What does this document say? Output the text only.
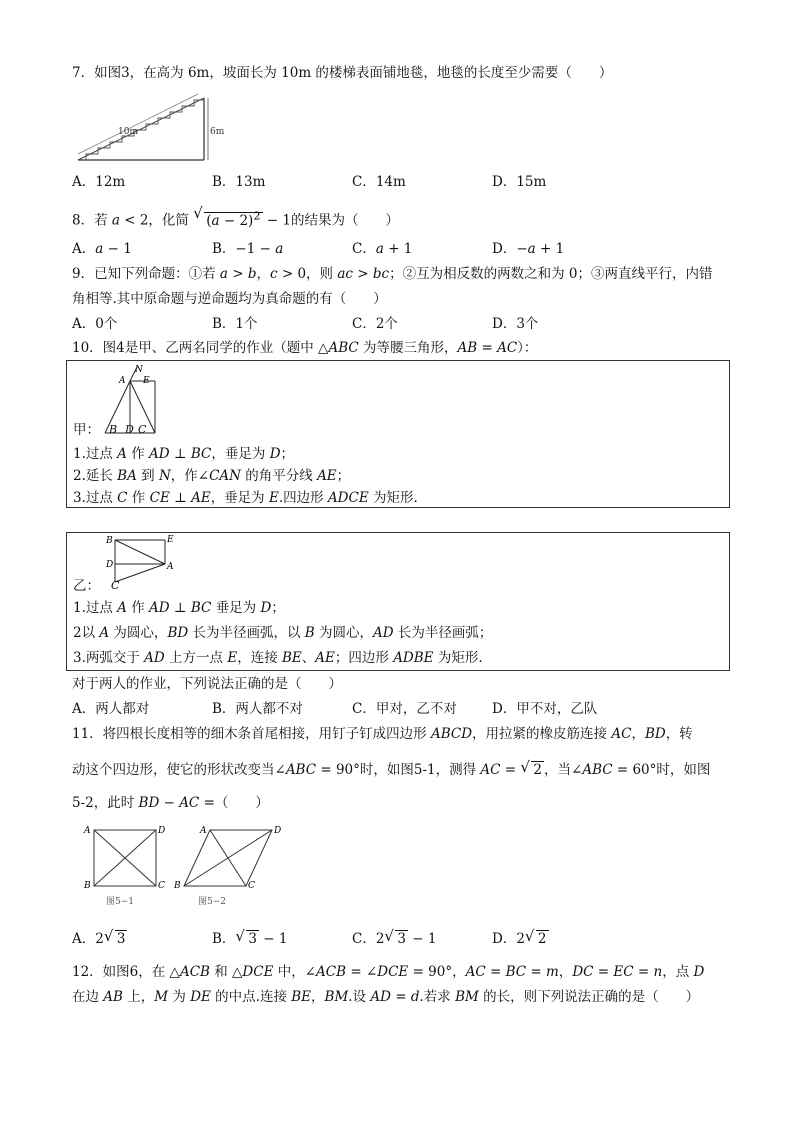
7．如图3，在高为 6m，坡面长为 10m 的楼梯表面铺地毯，地毯的长度至少需要（　　）
10m	6m
A．12m	B．13m	C．14m	D．15m
8．若 a < 2，化简 √ $(a - 2)^2 - 1$的结果为（　　）
A．a − 1	B．−1 − a	C．a + 1	D．−a + 1
9．已知下列命题：①若 a > b，c > 0，则 ac > bc；②互为相反数的两数之和为 0；③两直线平行，内错
角相等.其中原命题与逆命题均为真命题的有（　　）
A．0个	B．1个	C．2个	D．3个
10．图4是甲、乙两名同学的作业（题中 △ABC 为等腰三角形，AB = AC）：
N
A E
甲： B D C
1.过点 A 作 AD ⊥ BC，垂足为 D；
2.延长 BA 到 N，作∠CAN 的角平分线 AE；
3.过点 C 作 CE ⊥ AE，垂足为 E.四边形 ADCE 为矩形.
B	E
D	A
乙： C
1.过点 A 作 AD ⊥ BC 垂足为 D；
2以 A 为圆心，BD 长为半径画弧，以 B 为圆心，AD 长为半径画弧；
3.两弧交于 AD 上方一点 E，连接 BE、AE；四边形 ADBE 为矩形.
对于两人的作业，下列说法正确的是（　　）
A．两人都对	B．两人都不对	C．甲对，乙不对	D．甲不对，乙队
11．将四根长度相等的细木条首尾相接，用钉子钉成四边形 ABCD，用拉紧的橡皮筋连接 AC，BD，转
动这个四边形，使它的形状改变当∠ABC = 90°时，如图5-1，测得 AC = √ 2 ，当∠ABC = 60°时，如图
5-2，此时 BD − AC =（　　）
A	D
B	C
图5−1
A	D
B	C
图5−2
A．2 √ 3	B． √ 3 − 1	C．2 √ 3 − 1	D．2 √ 2
12．如图6，在 △ACB 和 △DCE 中，∠ACB = ∠DCE = 90°，AC = BC = m，DC = EC = n，点 D
在边 AB 上，M 为 DE 的中点.连接 BE，BM.设 AD = d.若求 BM 的长，则下列说法正确的是（　　）
